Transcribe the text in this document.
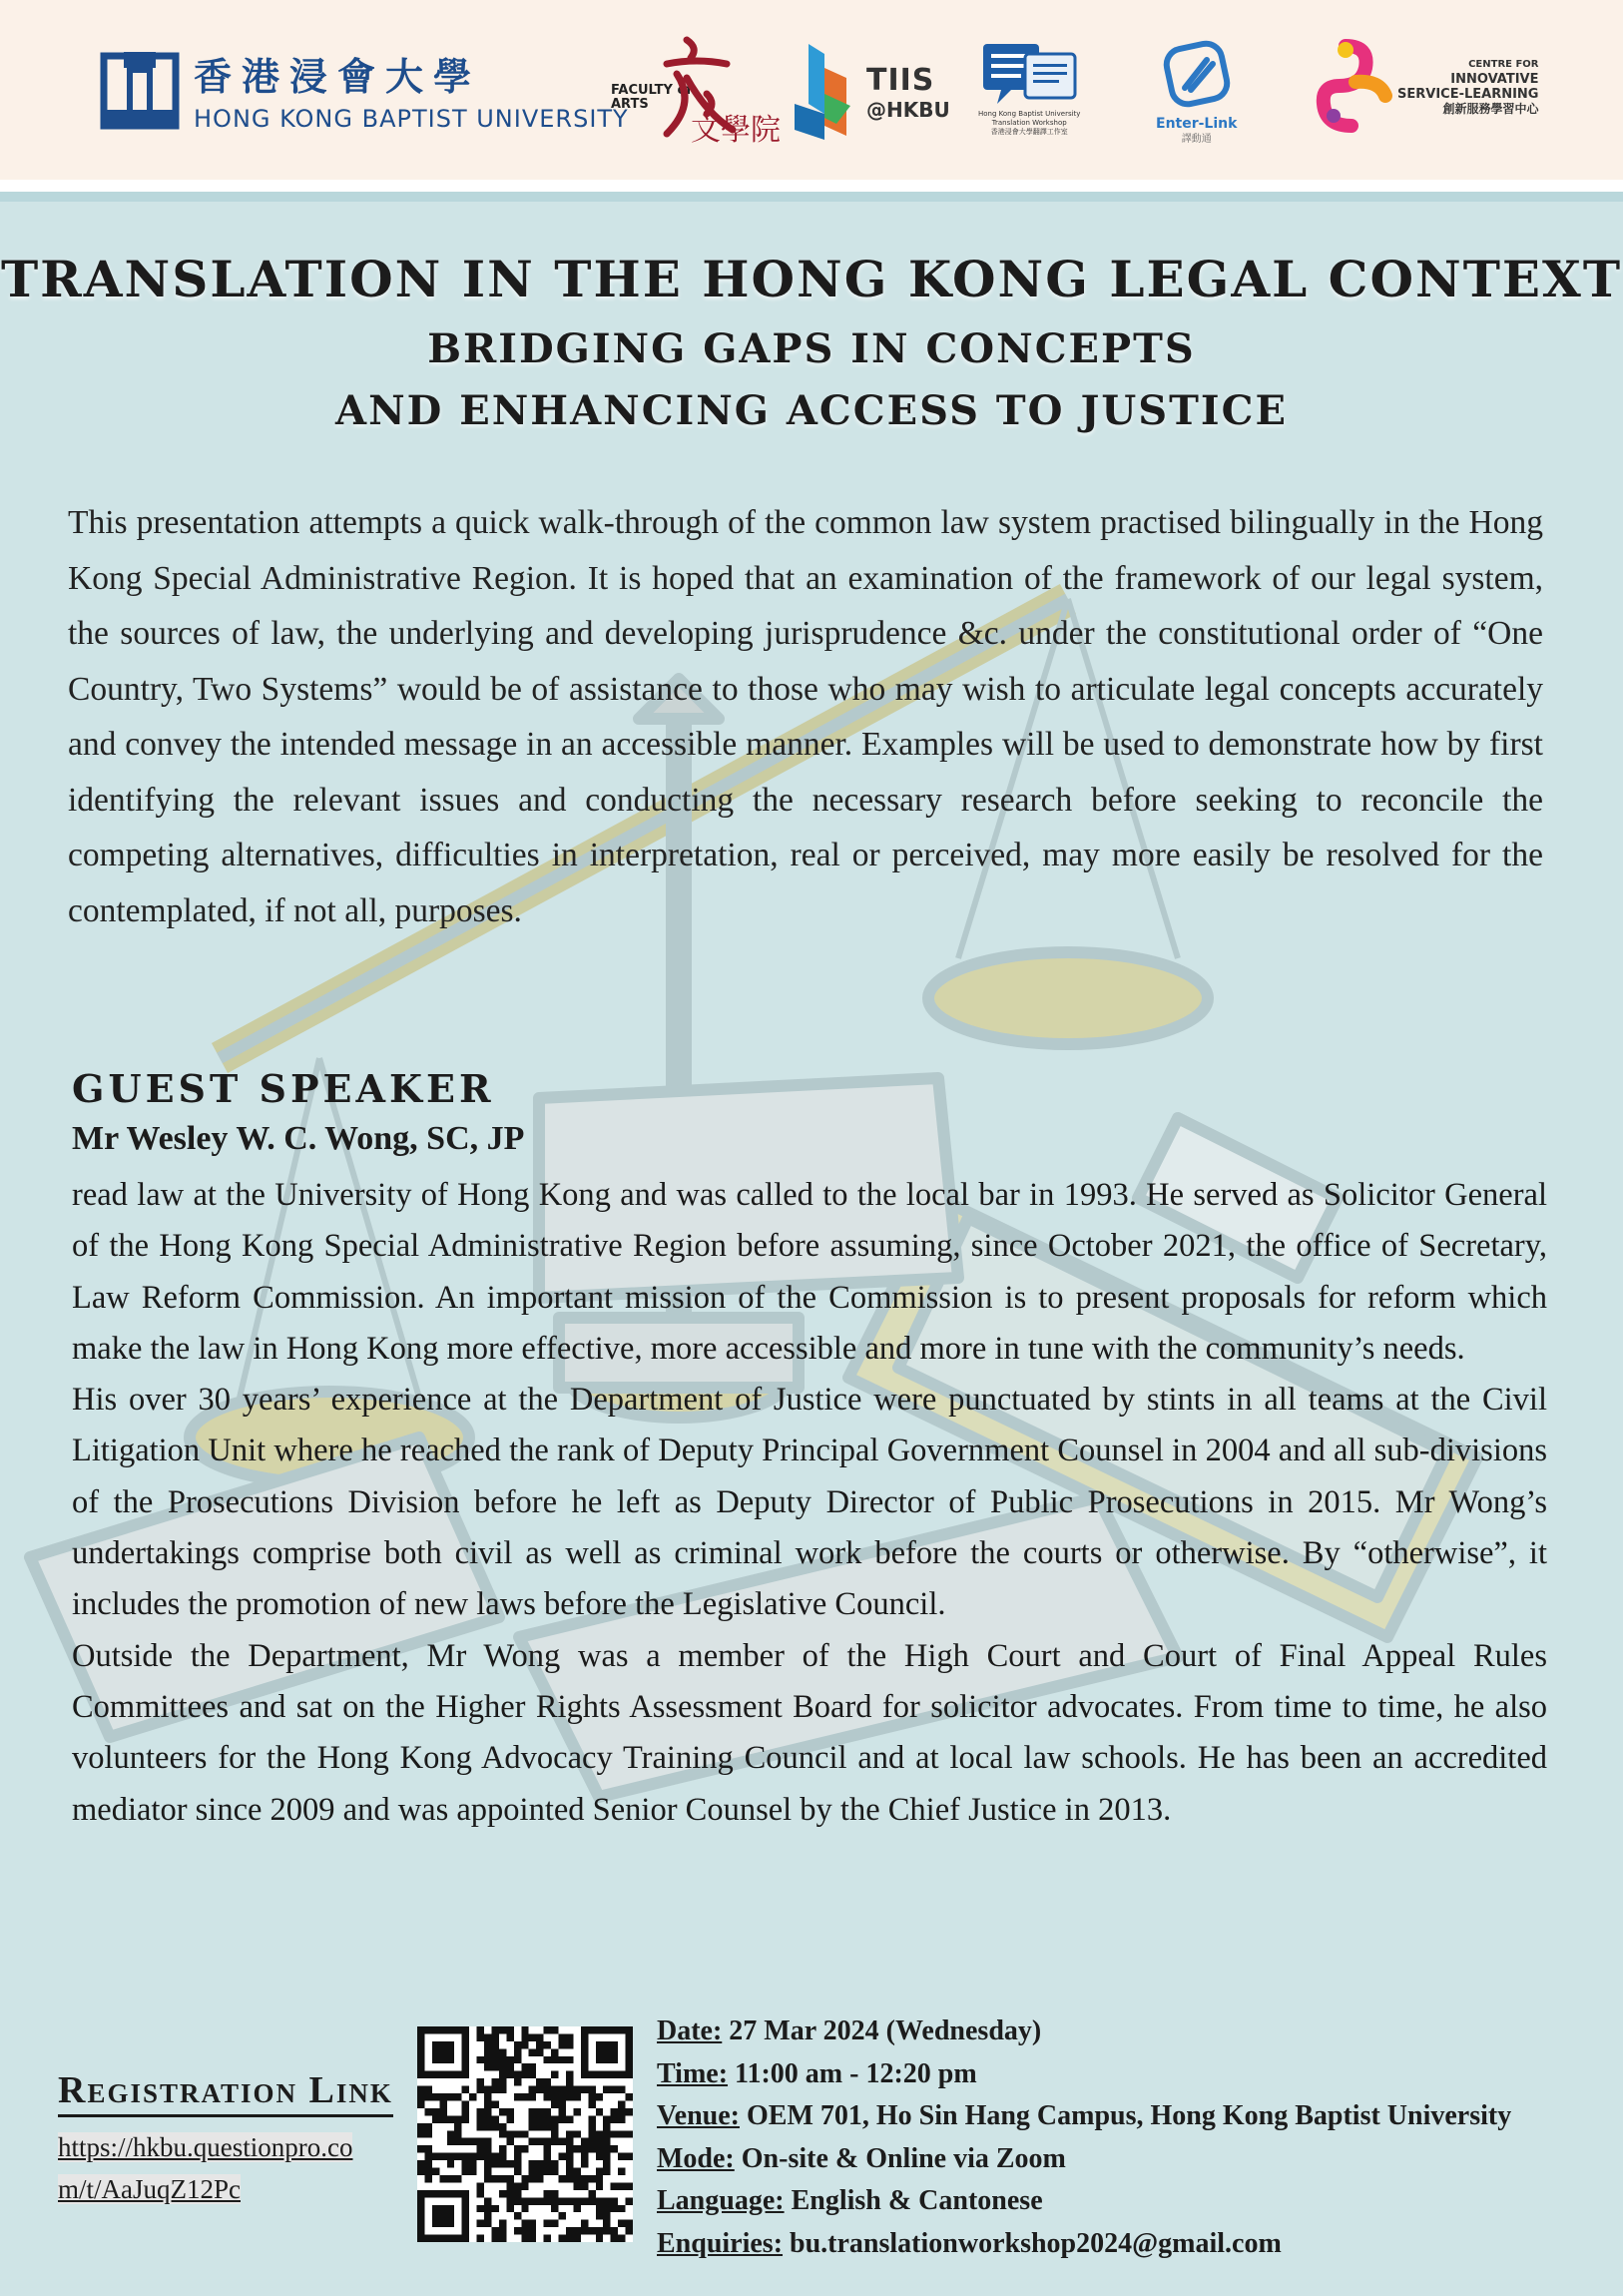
香港浸會大學
HONG KONG BAPTIST UNIVERSITY
FACULTY of ARTS
文學院
TIIS
@HKBU	Hong Kong Baptist University
Translation Workshop
香港浸會大學翻譯工作室	Enter-Link
譯動通
CENTRE FOR
INNOVATIVE
SERVICE-LEARNING
創新服務學習中心
TRANSLATION IN THE HONG KONG LEGAL CONTEXT
BRIDGING GAPS IN CONCEPTS
AND ENHANCING ACCESS TO JUSTICE
This presentation attempts a quick walk-through of the common law system practised bilingually in the Hong Kong Special Administrative Region. It is hoped that an examination of the framework of our legal system, the sources of law, the underlying and developing jurisprudence &c. under the constitutional order of “One Country, Two Systems” would be of assistance to those who may wish to articulate legal concepts accurately and convey the intended message in an accessible manner. Examples will be used to demonstrate how by first identifying the relevant issues and conducting the necessary research before seeking to reconcile the competing alternatives, difficulties in interpretation, real or perceived, may more easily be resolved for the contemplated, if not all, purposes.
GUEST SPEAKER
Mr Wesley W. C. Wong, SC, JP

read law at the University of Hong Kong and was called to the local bar in 1993. He served as Solicitor General of the Hong Kong Special Administrative Region before assuming, since October 2021, the office of Secretary, Law Reform Commission. An important mission of the Commission is to present proposals for reform which make the law in Hong Kong more effective, more accessible and more in tune with the community’s needs.

His over 30 years’ experience at the Department of Justice were punctuated by stints in all teams at the Civil Litigation Unit where he reached the rank of Deputy Principal Government Counsel in 2004 and all sub-divisions of the Prosecutions Division before he left as Deputy Director of Public Prosecutions in 2015. Mr Wong’s undertakings comprise both civil as well as criminal work before the courts or otherwise. By “otherwise”, it includes the promotion of new laws before the Legislative Council.

Outside the Department, Mr Wong was a member of the High Court and Court of Final Appeal Rules Committees and sat on the Higher Rights Assessment Board for solicitor advocates. From time to time, he also volunteers for the Hong Kong Advocacy Training Council and at local law schools. He has been an accredited mediator since 2009 and was appointed Senior Counsel by the Chief Justice in 2013.

Registration Link
https://hkbu.questionpro.co
m/t/AaJuqZ12Pc
Date: 27 Mar 2024 (Wednesday)
Time: 11:00 am - 12:20 pm
Venue: OEM 701, Ho Sin Hang Campus, Hong Kong Baptist University
Mode: On-site & Online via Zoom
Language: English & Cantonese
Enquiries: bu.translationworkshop2024@gmail.com
